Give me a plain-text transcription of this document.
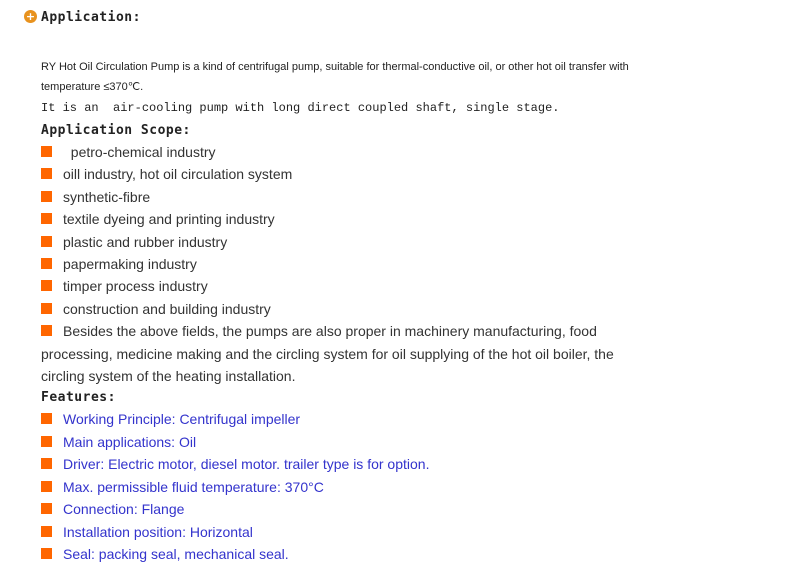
+ Application:

RY Hot Oil Circulation Pump is a kind of centrifugal pump, suitable for thermal-conductive oil, or other hot oil transfer with

temperature ≤370℃.

It is an  air-cooling pump with long direct coupled shaft, single stage.

Application Scope:
petro-chemical industry
oill industry, hot oil circulation system
synthetic-fibre
textile dyeing and printing industry
plastic and rubber industry
papermaking industry
timper process industry
construction and building industry
Besides the above fields, the pumps are also proper in machinery manufacturing, food processing, medicine making and the circling system for oil supplying of the hot oil boiler, the circling system of the heating installation.
Features:
Working Principle: Centrifugal impeller
Main applications: Oil
Driver: Electric motor, diesel motor. trailer type is for option.
Max. permissible fluid temperature: 370°C
Connection: Flange
Installation position: Horizontal
Seal: packing seal, mechanical seal.
